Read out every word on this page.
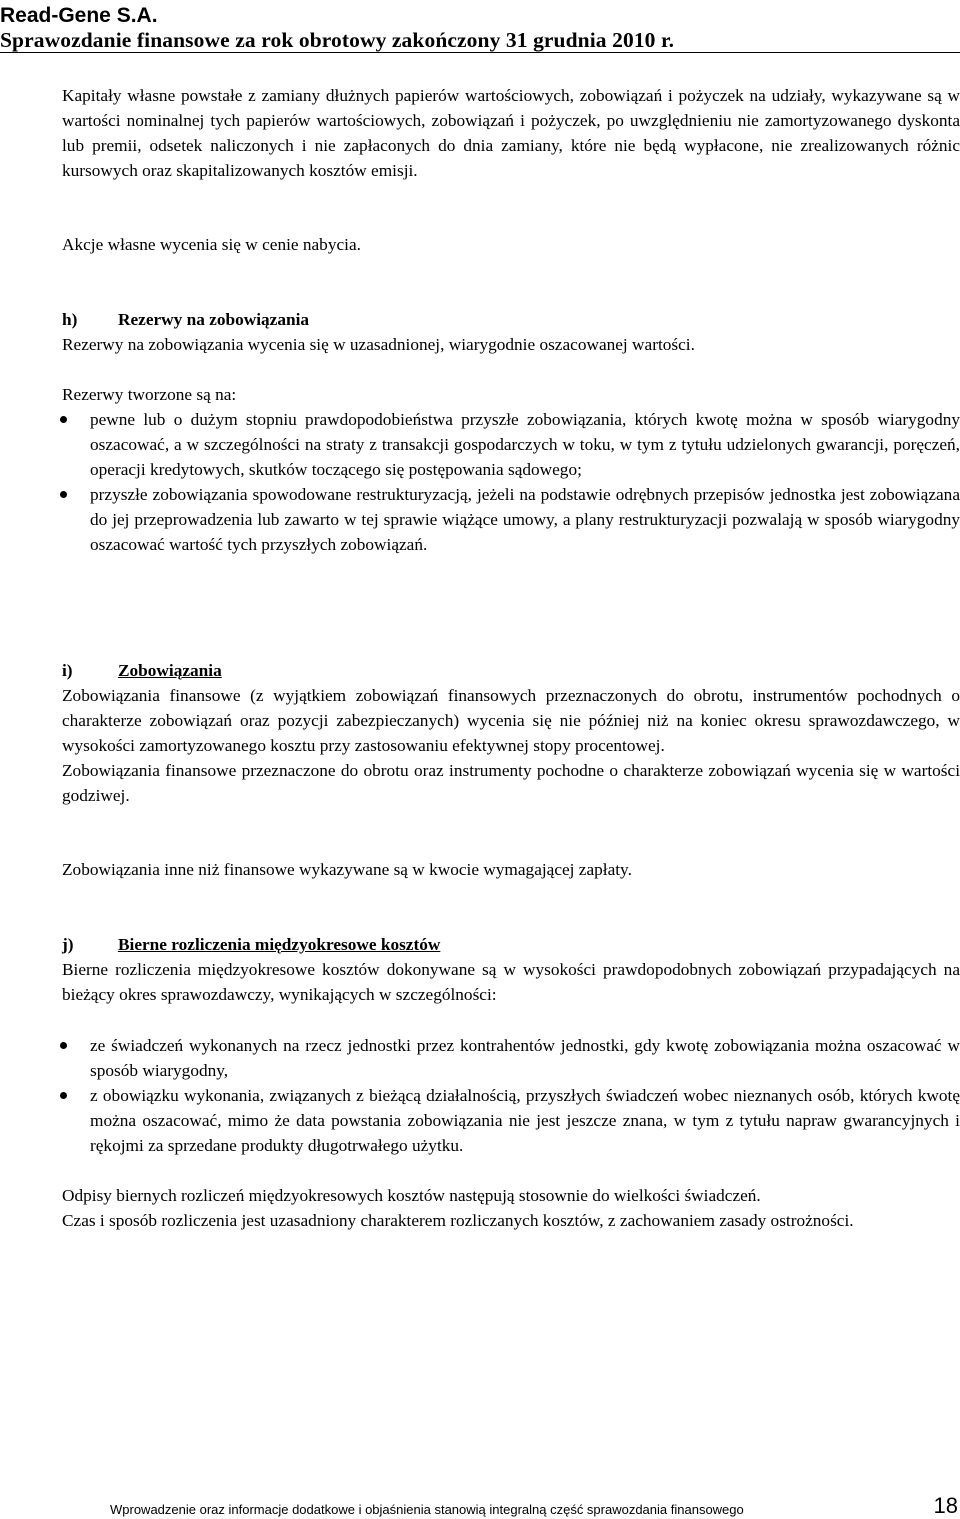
Read-Gene S.A.
Sprawozdanie finansowe za rok obrotowy zakończony 31 grudnia 2010 r.

Kapitały własne powstałe z zamiany dłużnych papierów wartościowych, zobowiązań i pożyczek na udziały, wykazywane są w wartości nominalnej tych papierów wartościowych, zobowiązań i pożyczek, po uwzględnieniu nie zamortyzowanego dyskonta lub premii, odsetek naliczonych i nie zapłaconych do dnia zamiany, które nie będą wypłacone, nie zrealizowanych różnic kursowych oraz skapitalizowanych kosztów emisji.

Akcje własne wycenia się w cenie nabycia.
h) Rezerwy na zobowiązania
Rezerwy na zobowiązania wycenia się w uzasadnionej, wiarygodnie oszacowanej wartości.
Rezerwy tworzone są na:
pewne lub o dużym stopniu prawdopodobieństwa przyszłe zobowiązania, których kwotę można w sposób wiarygodny oszacować, a w szczególności na straty z transakcji gospodarczych w toku, w tym z tytułu udzielonych gwarancji, poręczeń, operacji kredytowych, skutków toczącego się postępowania sądowego;
przyszłe zobowiązania spowodowane restrukturyzacją, jeżeli na podstawie odrębnych przepisów jednostka jest zobowiązana do jej przeprowadzenia lub zawarto w tej sprawie wiążące umowy, a plany restrukturyzacji pozwalają w sposób wiarygodny oszacować wartość tych przyszłych zobowiązań.
i)	Zobowiązania

Zobowiązania finansowe (z wyjątkiem zobowiązań finansowych przeznaczonych do obrotu, instrumentów pochodnych o charakterze zobowiązań oraz pozycji zabezpieczanych) wycenia się nie później niż na koniec okresu sprawozdawczego, w wysokości zamortyzowanego kosztu przy zastosowaniu efektywnej stopy procentowej.

Zobowiązania finansowe przeznaczone do obrotu oraz instrumenty pochodne o charakterze zobowiązań wycenia się w wartości godziwej.

Zobowiązania inne niż finansowe wykazywane są w kwocie wymagającej zapłaty.
j)	Bierne rozliczenia międzyokresowe kosztów
Bierne rozliczenia międzyokresowe kosztów dokonywane są w wysokości prawdopodobnych zobowiązań przypadających na bieżący okres sprawozdawczy, wynikających w szczególności:
ze świadczeń wykonanych na rzecz jednostki przez kontrahentów jednostki, gdy kwotę zobowiązania można oszacować w sposób wiarygodny,
z obowiązku wykonania, związanych z bieżącą działalnością, przyszłych świadczeń wobec nieznanych osób, których kwotę można oszacować, mimo że data powstania zobowiązania nie jest jeszcze znana, w tym z tytułu napraw gwarancyjnych i rękojmi za sprzedane produkty długotrwałego użytku.

Odpisy biernych rozliczeń międzyokresowych kosztów następują stosownie do wielkości świadczeń.

Czas i sposób rozliczenia jest uzasadniony charakterem rozliczanych kosztów, z zachowaniem zasady ostrożności.

Wprowadzenie oraz informacje dodatkowe i objaśnienia stanowią integralną część sprawozdania finansowego	18
